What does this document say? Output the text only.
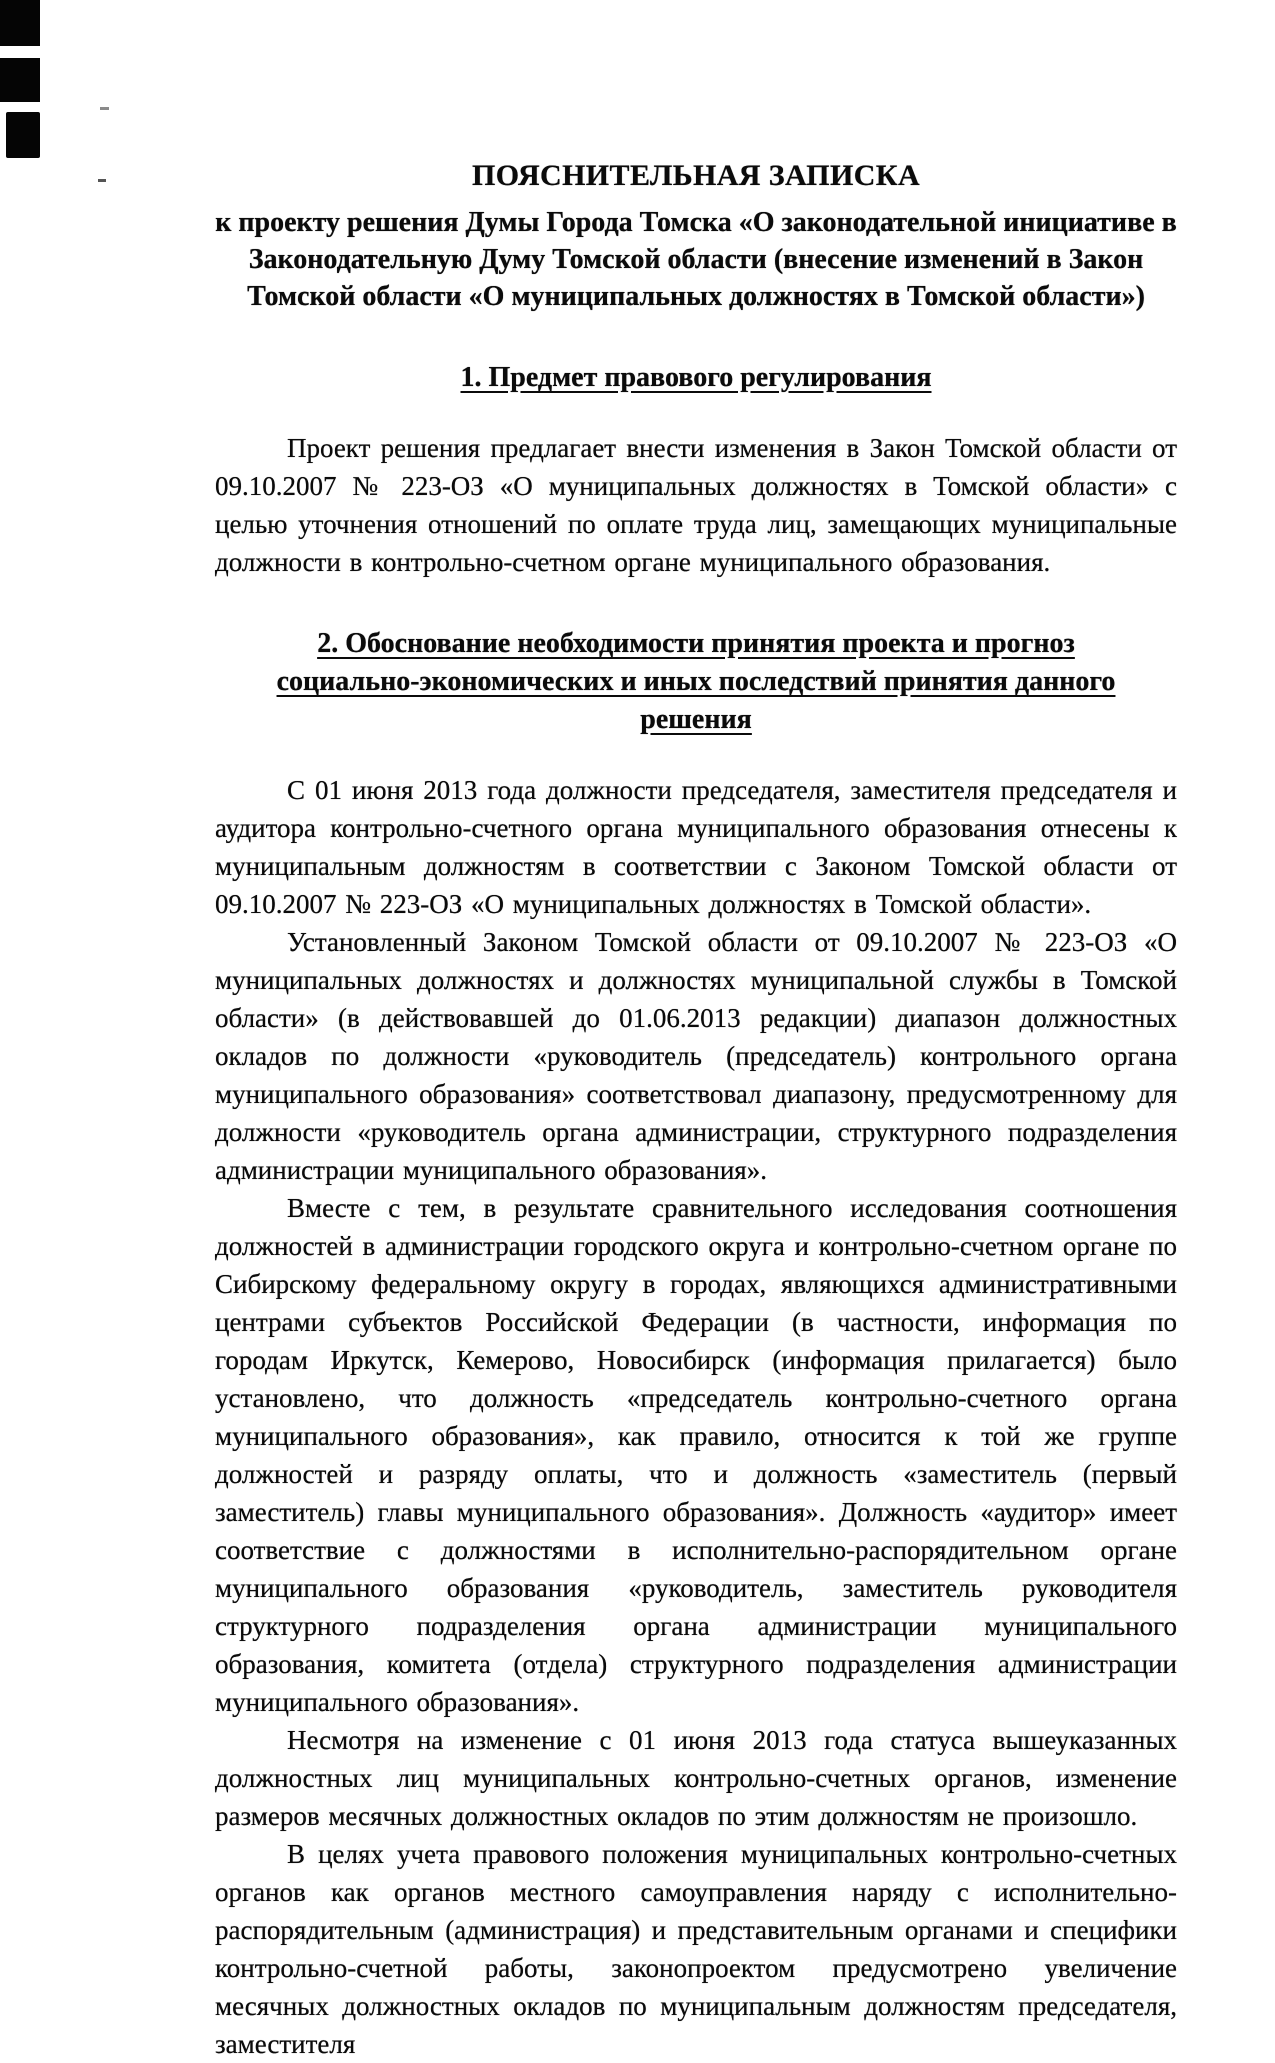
ПОЯСНИТЕЛЬНАЯ ЗАПИСКА

к проекту решения Думы Города Томска «О законодательной инициативе в Законодательную Думу Томской области (внесение изменений в Закон Томской области «О муниципальных должностях в Томской области»)

1. Предмет правового регулирования

Проект решения предлагает внести изменения в Закон Томской области от 09.10.2007 № 223-ОЗ «О муниципальных должностях в Томской области» с целью уточнения отношений по оплате труда лиц, замещающих муниципальные должности в контрольно-счетном органе муниципального образования.

2. Обоснование необходимости принятия проекта и прогноз социально-экономических и иных последствий принятия данного решения

С 01 июня 2013 года должности председателя, заместителя председателя и аудитора контрольно-счетного органа муниципального образования отнесены к муниципальным должностям в соответствии с Законом Томской области от 09.10.2007 № 223-ОЗ «О муниципальных должностях в Томской области».

Установленный Законом Томской области от 09.10.2007 № 223-ОЗ «О муниципальных должностях и должностях муниципальной службы в Томской области» (в действовавшей до 01.06.2013 редакции) диапазон должностных окладов по должности «руководитель (председатель) контрольного органа муниципального образования» соответствовал диапазону, предусмотренному для должности «руководитель органа администрации, структурного подразделения администрации муниципального образования».

Вместе с тем, в результате сравнительного исследования соотношения должностей в администрации городского округа и контрольно-счетном органе по Сибирскому федеральному округу в городах, являющихся административными центрами субъектов Российской Федерации (в частности, информация по городам Иркутск, Кемерово, Новосибирск (информация прилагается) было установлено, что должность «председатель контрольно-счетного органа муниципального образования», как правило, относится к той же группе должностей и разряду оплаты, что и должность «заместитель (первый заместитель) главы муниципального образования». Должность «аудитор» имеет соответствие с должностями в исполнительно-распорядительном органе муниципального образования «руководитель, заместитель руководителя структурного подразделения органа администрации муниципального образования, комитета (отдела) структурного подразделения администрации муниципального образования».

Несмотря на изменение с 01 июня 2013 года статуса вышеуказанных должностных лиц муниципальных контрольно-счетных органов, изменение размеров месячных должностных окладов по этим должностям не произошло.

В целях учета правового положения муниципальных контрольно-счетных органов как органов местного самоуправления наряду с исполнительно-распорядительным (администрация) и представительным органами и специфики контрольно-счетной работы, законопроектом предусмотрено увеличение месячных должностных окладов по муниципальным должностям председателя, заместителя
